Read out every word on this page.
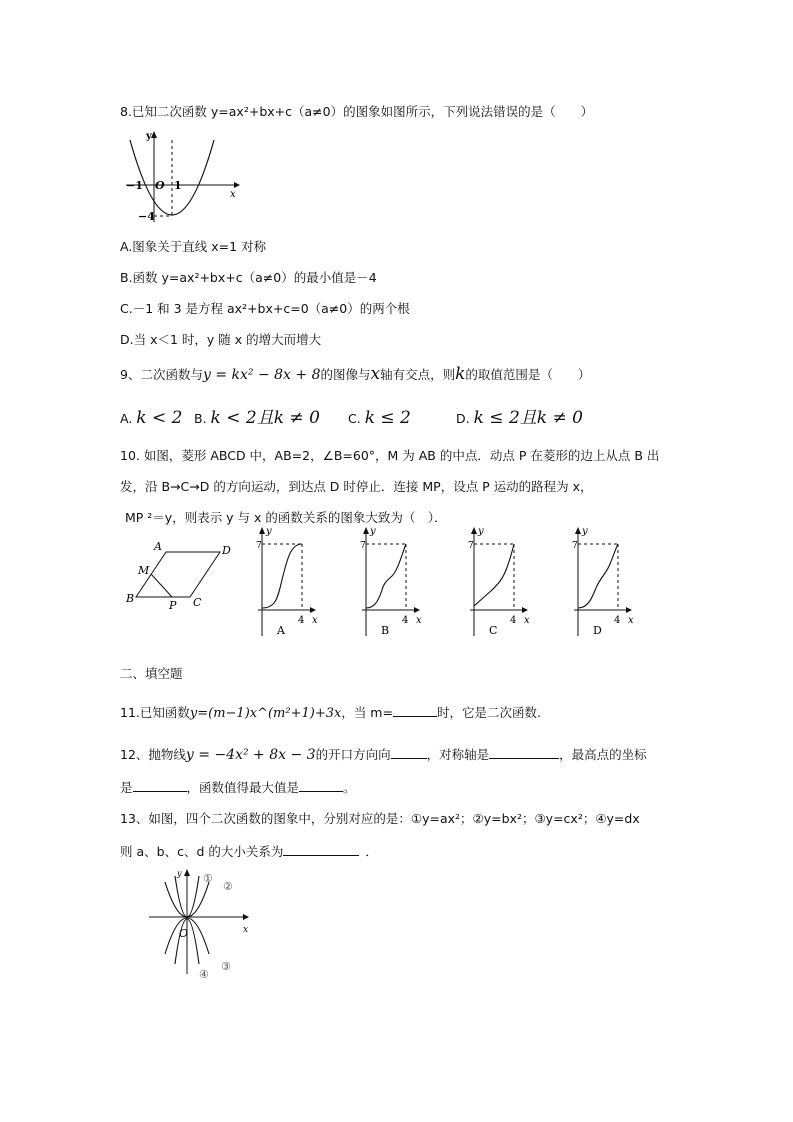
8.已知二次函数 y=ax²+bx+c（a≠0）的图象如图所示，下列说法错误的是（　　）
y
x
−1 O 1
−4
A.图象关于直线 x=1 对称
B.函数 y=ax²+bx+c（a≠0）的最小值是－4
C.－1 和 3 是方程 ax²+bx+c=0（a≠0）的两个根
D.当 x＜1 时，y 随 x 的增大而增大
9、二次函数与y = kx² − 8x + 8的图像与x轴有交点，则k的取值范围是（　　）
A. k < 2 B. k < 2且k ≠ 0 C. k ≤ 2	D. k ≤ 2且k ≠ 0
10. 如图，菱形 ABCD 中，AB=2，∠B=60°，M 为 AB 的中点．动点 P 在菱形的边上从点 B 出
发，沿 B→C→D 的方向运动，到达点 D 时停止．连接 MP，设点 P 运动的路程为 x，
MP ²＝y，则表示 y 与 x 的函数关系的图象大致为（　）．
A	D
M
B
P C
7
y
4 x
A
7
y
4 x
B
7
y
4 x
C
7
y
4 x
D
二、填空题
11.已知函数y=(m−1)x^(m²+1)+3x，当 m=	时，它是二次函数.
12、抛物线y = −4x² + 8x − 3的开口方向向	，对称轴是	，最高点的坐标
是	，函数值得最大值是	。
13、如图，四个二次函数的图象中，分别对应的是：①y=ax²；②y=bx²；③y=cx²；④y=dx
则 a、b、c、d 的大小关系为	．
y
x
O
①
②
③
④
